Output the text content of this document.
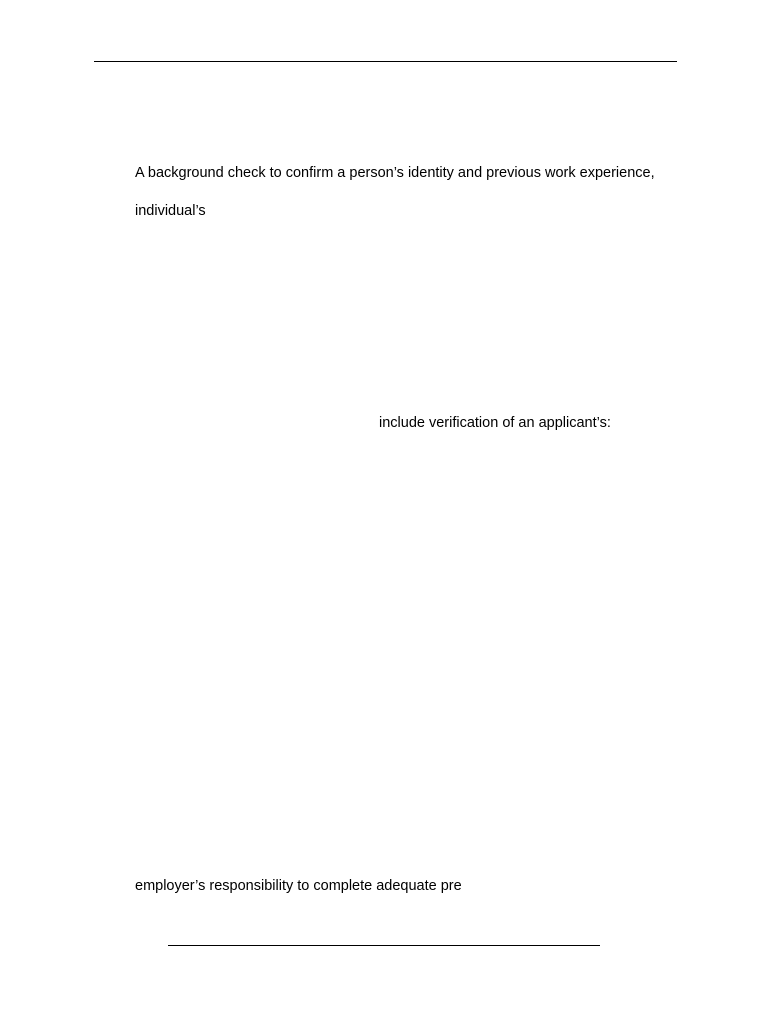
A background check to confirm a person’s identity and previous work experience,

individual’s

include verification of an applicant’s:

employer’s responsibility to complete adequate pre
